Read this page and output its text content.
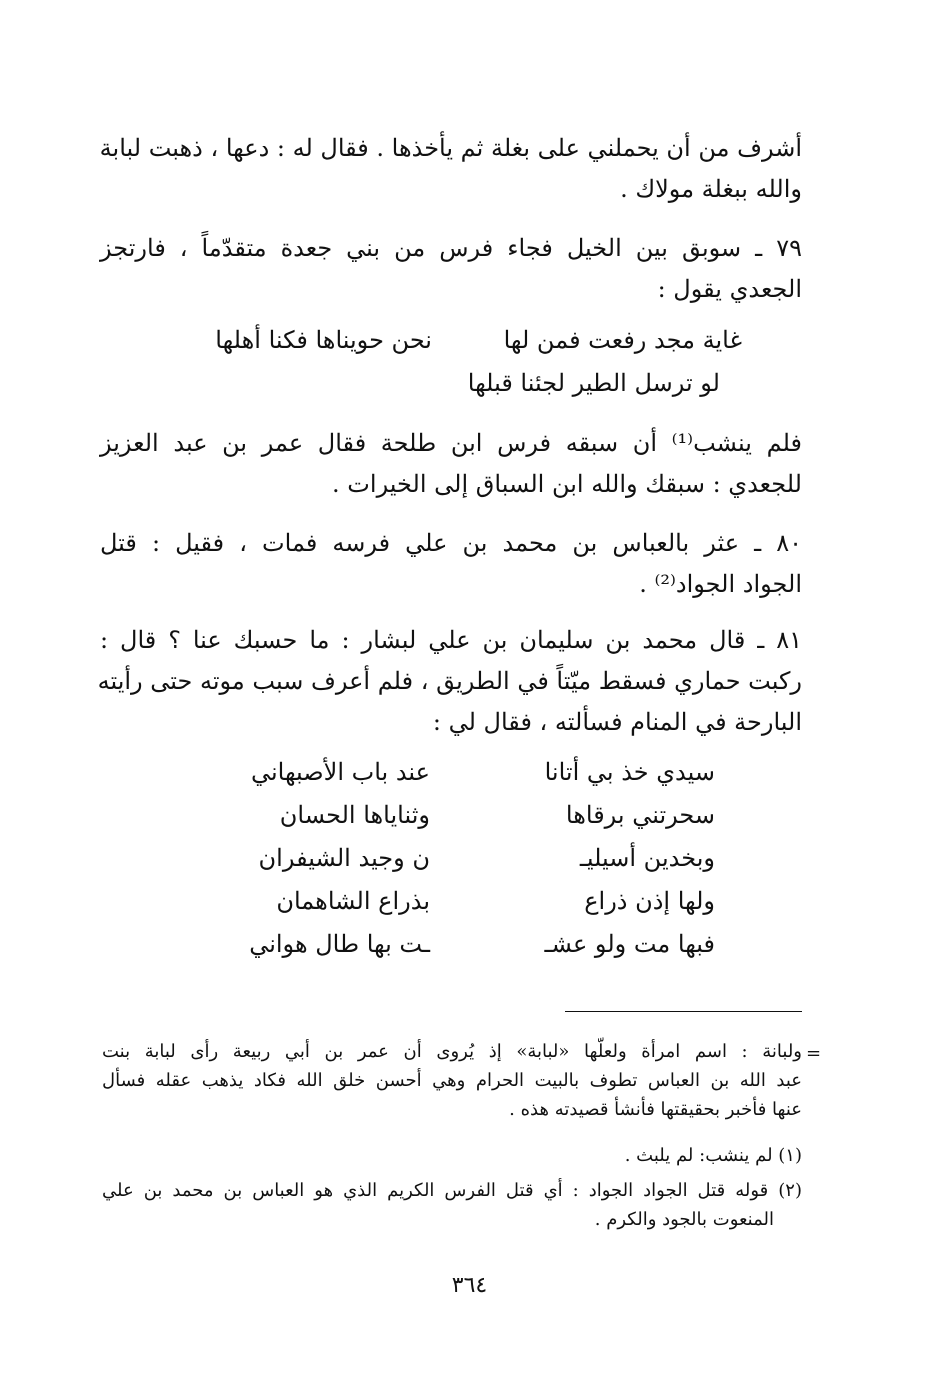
أشرف من أن يحملني على بغلة ثم يأخذها . فقال له : دعها ، ذهبت لبابة
والله ببغلة مولاك .
٧٩ ـ سوبق بين الخيل فجاء فرس من بني جعدة متقدّماً ، فارتجز
الجعدي يقول :
غاية مجد رفعت فمن لها
نحن حويناها فكنا أهلها
لو ترسل الطير لجئنا قبلها
فلم ينشب⁽¹⁾ أن سبقه فرس ابن طلحة فقال عمر بن عبد العزيز
للجعدي : سبقك والله ابن السباق إلى الخيرات .
٨٠ ـ عثر بالعباس بن محمد بن علي فرسه فمات ، فقيل : قتل
الجواد الجواد⁽²⁾ .
٨١ ـ قال محمد بن سليمان بن علي لبشار : ما حسبك عنا ؟ قال :
ركبت حماري فسقط ميّتاً في الطريق ، فلم أعرف سبب موته حتى رأيته
البارحة في المنام فسألته ، فقال لي :
سيدي خذ بي أتانا
عند باب الأصبهاني
سحرتني برقاها
وثناياها الحسان
وبخدين أسيليـ
ن وجيد الشيفران
ولها إذن ذراع
بذراع الشاهمان
فبها مت ولو عشـ
ـت بها طال هواني
=
ولبانة : اسم امرأة ولعلّها «لبابة» إذ يُروى أن عمر بن أبي ربيعة رأى لبابة بنت
عبد الله بن العباس تطوف بالبيت الحرام وهي أحسن خلق الله فكاد يذهب عقله فسأل
عنها فأخبر بحقيقتها فأنشأ قصيدته هذه .
(١) لم ينشب: لم يلبث .
(٢) قوله قتل الجواد الجواد : أي قتل الفرس الكريم الذي هو العباس بن محمد بن علي
المنعوت بالجود والكرم .
٣٦٤
